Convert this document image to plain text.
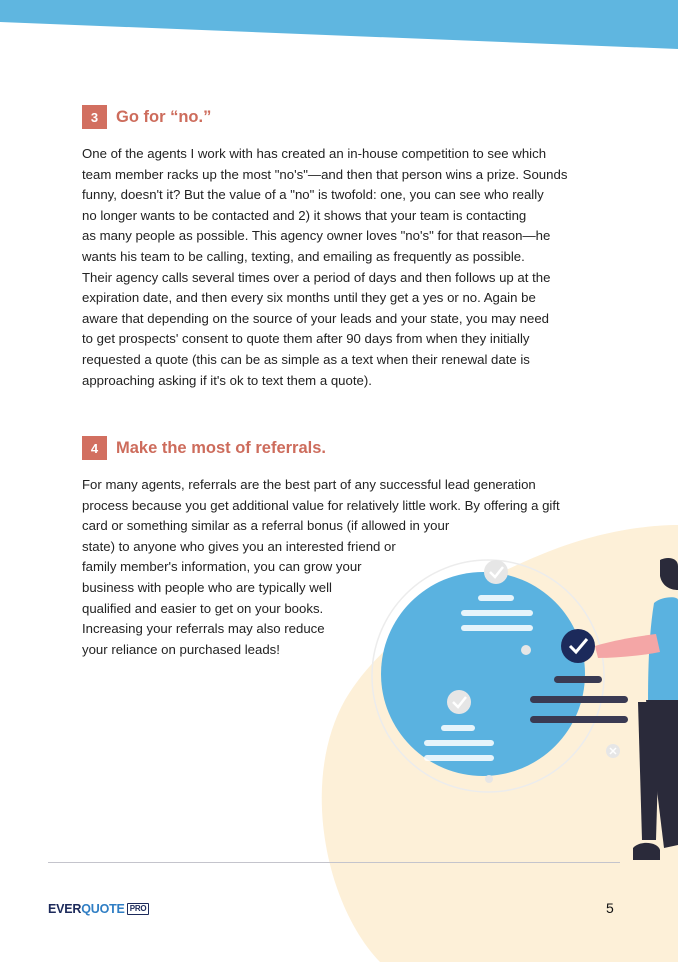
3	Go for “no.”

One of the agents I work with has created an in-house competition to see which
team member racks up the most "no's"—and then that person wins a prize. Sounds
funny, doesn't it? But the value of a "no" is twofold: one, you can see who really
no longer wants to be contacted and 2) it shows that your team is contacting
as many people as possible. This agency owner loves "no's" for that reason—he
wants his team to be calling, texting, and emailing as frequently as possible.
Their agency calls several times over a period of days and then follows up at the
expiration date, and then every six months until they get a yes or no. Again be
aware that depending on the source of your leads and your state, you may need
to get prospects' consent to quote them after 90 days from when they initially
requested a quote (this can be as simple as a text when their renewal date is
approaching asking if it's ok to text them a quote).

4	Make the most of referrals.

For many agents, referrals are the best part of any successful lead generation
process because you get additional value for relatively little work. By offering a gift
card or something similar as a referral bonus (if allowed in your
state) to anyone who gives you an interested friend or
family member's information, you can grow your
business with people who are typically well
qualified and easier to get on your books.
Increasing your referrals may also reduce
your reliance on purchased leads!

EVER QUOTE PRO	5
